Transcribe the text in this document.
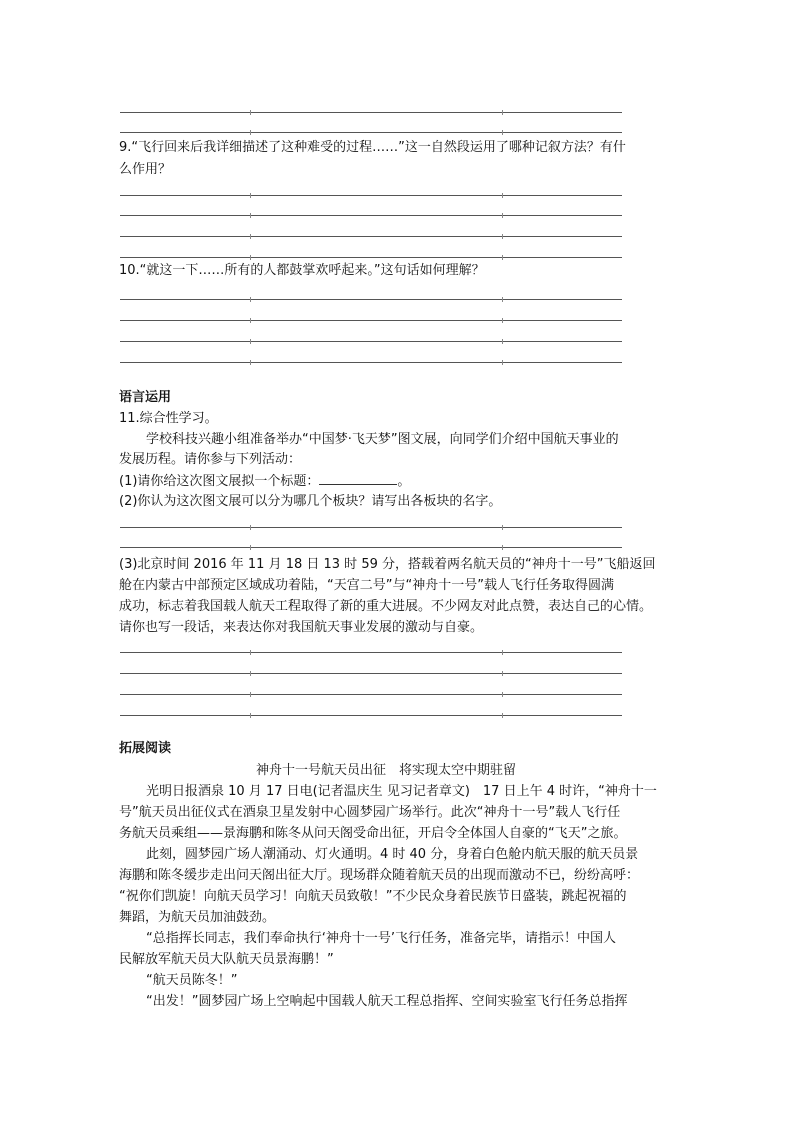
9.“飞行回来后我详细描述了这种难受的过程……”这一自然段运用了哪种记叙方法？有什
么作用？
10.“就这一下……所有的人都鼓掌欢呼起来。”这句话如何理解？
语言运用
11.综合性学习。
学校科技兴趣小组准备举办“中国梦·飞天梦”图文展，向同学们介绍中国航天事业的
发展历程。请你参与下列活动：
(1)请你给这次图文展拟一个标题：	。
(2)你认为这次图文展可以分为哪几个板块？请写出各板块的名字。
(3)北京时间 2016 年 11 月 18 日 13 时 59 分，搭载着两名航天员的“神舟十一号”飞船返回
舱在内蒙古中部预定区域成功着陆，“天宫二号”与“神舟十一号”载人飞行任务取得圆满
成功，标志着我国载人航天工程取得了新的重大进展。不少网友对此点赞，表达自己的心情。
请你也写一段话，来表达你对我国航天事业发展的激动与自豪。
拓展阅读
神舟十一号航天员出征　将实现太空中期驻留
光明日报酒泉 10 月 17 日电(记者温庆生 见习记者章文)　17 日上午 4 时许，“神舟十一
号”航天员出征仪式在酒泉卫星发射中心圆梦园广场举行。此次“神舟十一号”载人飞行任
务航天员乘组——景海鹏和陈冬从问天阁受命出征，开启令全体国人自豪的“飞天”之旅。
此刻，圆梦园广场人潮涌动、灯火通明。4 时 40 分，身着白色舱内航天服的航天员景
海鹏和陈冬缓步走出问天阁出征大厅。现场群众随着航天员的出现而激动不已，纷纷高呼：
“祝你们凯旋！向航天员学习！向航天员致敬！”不少民众身着民族节日盛装，跳起祝福的
舞蹈，为航天员加油鼓劲。
“总指挥长同志，我们奉命执行‘神舟十一号’飞行任务，准备完毕，请指示！中国人
民解放军航天员大队航天员景海鹏！”
“航天员陈冬！”
“出发！”圆梦园广场上空响起中国载人航天工程总指挥、空间实验室飞行任务总指挥
